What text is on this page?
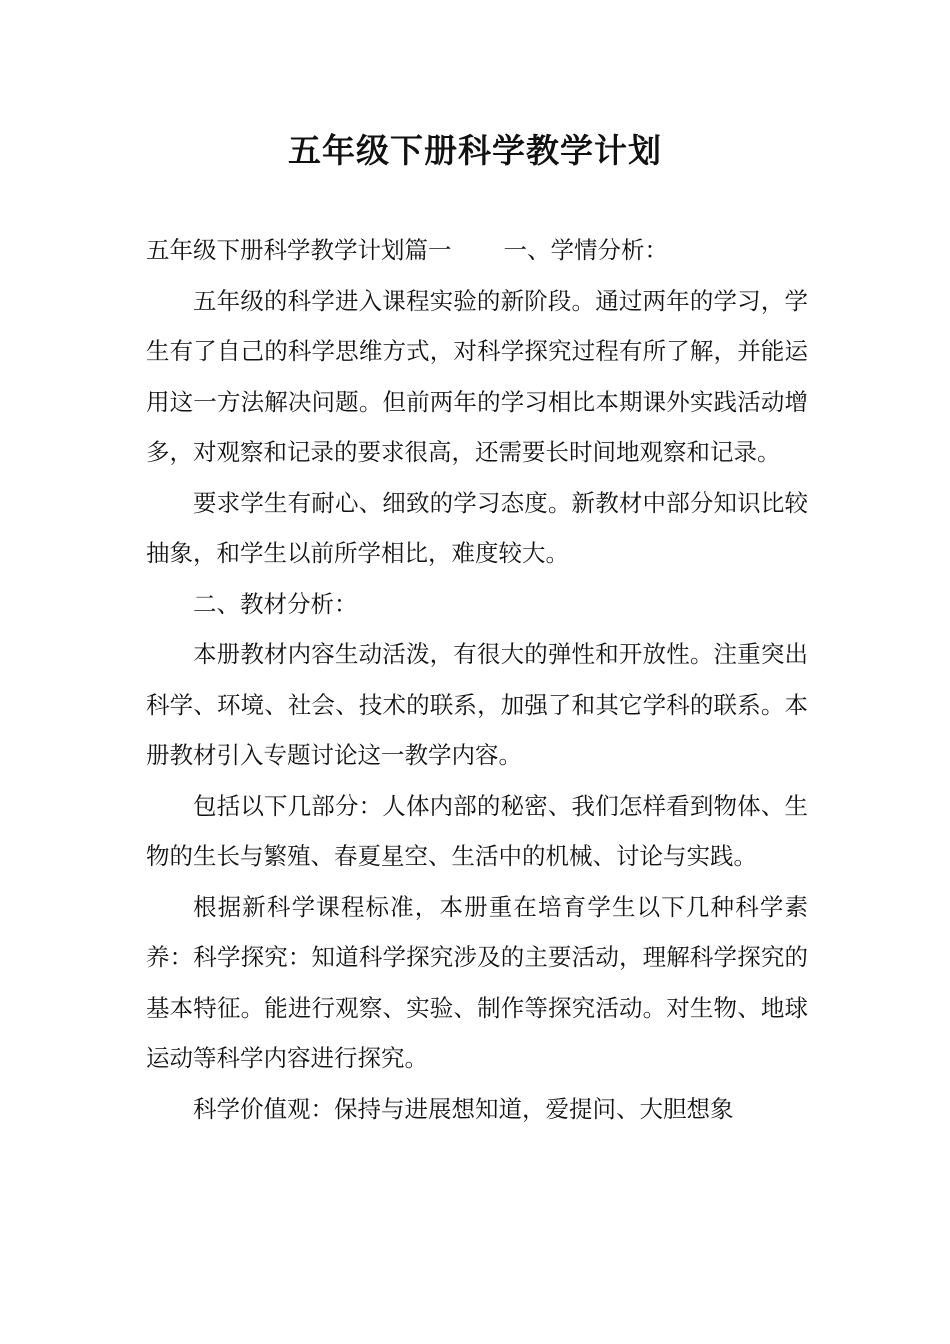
五年级下册科学教学计划

五年级下册科学教学计划篇一 一、学情分析：

五年级的科学进入课程实验的新阶段。通过两年的学习，学生有了自己的科学思维方式，对科学探究过程有所了解，并能运用这一方法解决问题。但前两年的学习相比本期课外实践活动增多，对观察和记录的要求很高，还需要长时间地观察和记录。

要求学生有耐心、细致的学习态度。新教材中部分知识比较抽象，和学生以前所学相比，难度较大。

二、教材分析：

本册教材内容生动活泼，有很大的弹性和开放性。注重突出科学、环境、社会、技术的联系，加强了和其它学科的联系。本册教材引入专题讨论这一教学内容。

包括以下几部分：人体内部的秘密、我们怎样看到物体、生物的生长与繁殖、春夏星空、生活中的机械、讨论与实践。

根据新科学课程标准，本册重在培育学生以下几种科学素养：科学探究：知道科学探究涉及的主要活动，理解科学探究的基本特征。能进行观察、实验、制作等探究活动。对生物、地球运动等科学内容进行探究。

科学价值观：保持与进展想知道，爱提问、大胆想象
